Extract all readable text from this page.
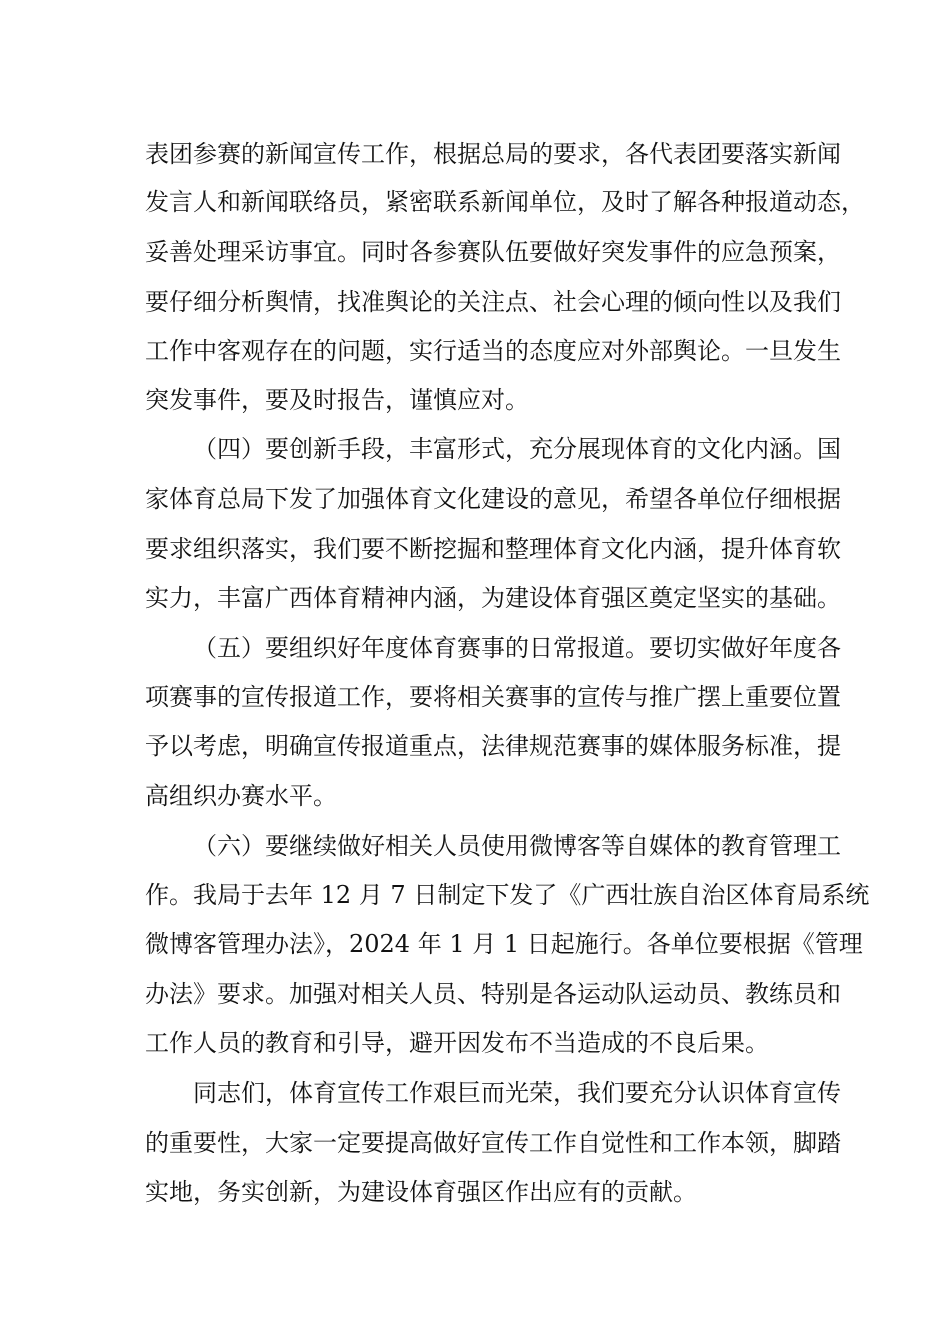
表团参赛的新闻宣传工作，根据总局的要求，各代表团要落实新闻
发言人和新闻联络员，紧密联系新闻单位，及时了解各种报道动态，
妥善处理采访事宜。同时各参赛队伍要做好突发事件的应急预案，
要仔细分析舆情，找准舆论的关注点、社会心理的倾向性以及我们
工作中客观存在的问题，实行适当的态度应对外部舆论。一旦发生
突发事件，要及时报告，谨慎应对。
（四）要创新手段，丰富形式，充分展现体育的文化内涵。国
家体育总局下发了加强体育文化建设的意见，希望各单位仔细根据
要求组织落实，我们要不断挖掘和整理体育文化内涵，提升体育软
实力，丰富广西体育精神内涵，为建设体育强区奠定坚实的基础。
（五）要组织好年度体育赛事的日常报道。要切实做好年度各
项赛事的宣传报道工作，要将相关赛事的宣传与推广摆上重要位置
予以考虑，明确宣传报道重点，法律规范赛事的媒体服务标准，提
高组织办赛水平。
（六）要继续做好相关人员使用微博客等自媒体的教育管理工
作。我局于去年 12 月 7 日制定下发了《广西壮族自治区体育局系统
微博客管理办法》，2024 年 1 月 1 日起施行。各单位要根据《管理
办法》要求。加强对相关人员、特别是各运动队运动员、教练员和
工作人员的教育和引导，避开因发布不当造成的不良后果。
同志们，体育宣传工作艰巨而光荣，我们要充分认识体育宣传
的重要性，大家一定要提高做好宣传工作自觉性和工作本领，脚踏
实地，务实创新，为建设体育强区作出应有的贡献。
